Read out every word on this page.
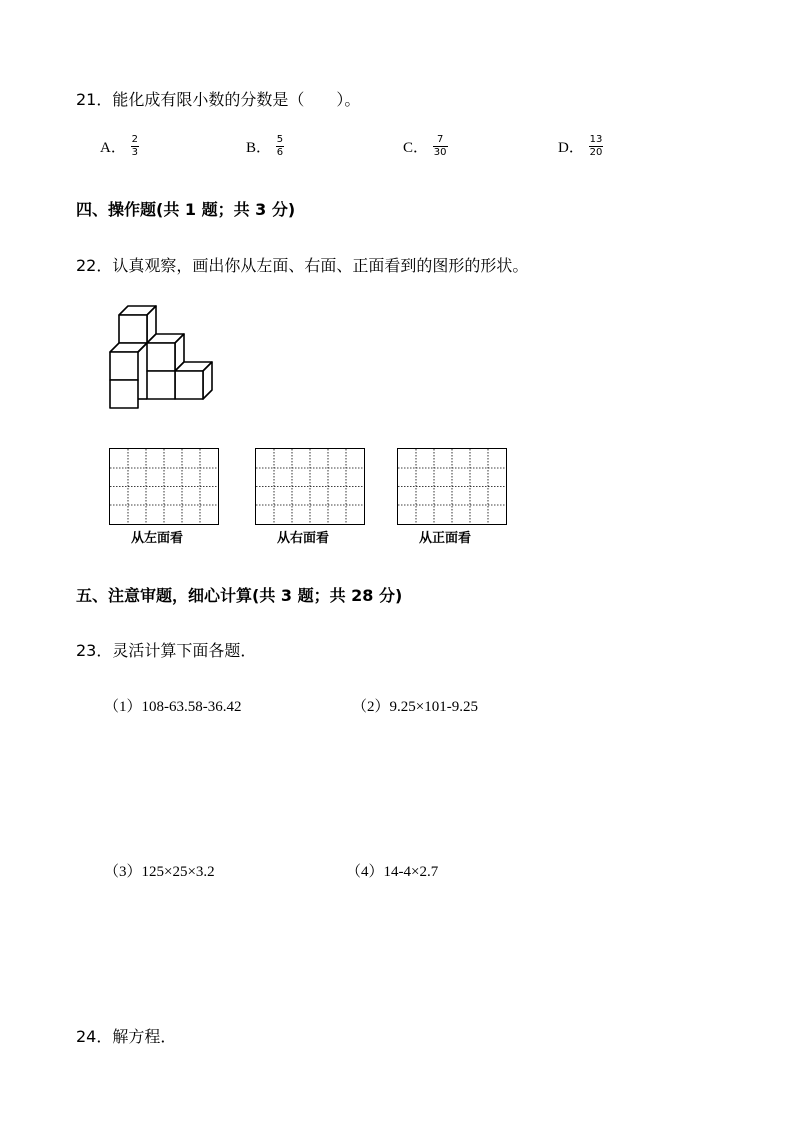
21．能化成有限小数的分数是（　　）。
A． $\frac{2}{3}$	B． $\frac{5}{6}$	C． $\frac{7}{30}$	D． $\frac{13}{20}$
四、操作题(共 1 题；共 3 分)
22．认真观察，画出你从左面、右面、正面看到的图形的形状。
从左面看	从右面看	从正面看
五、注意审题，细心计算(共 3 题；共 28 分)
23．灵活计算下面各题．
（1）108-63.58-36.42	（2）9.25×101-9.25
（3）125×25×3.2	（4）14-4×2.7
24．解方程．
